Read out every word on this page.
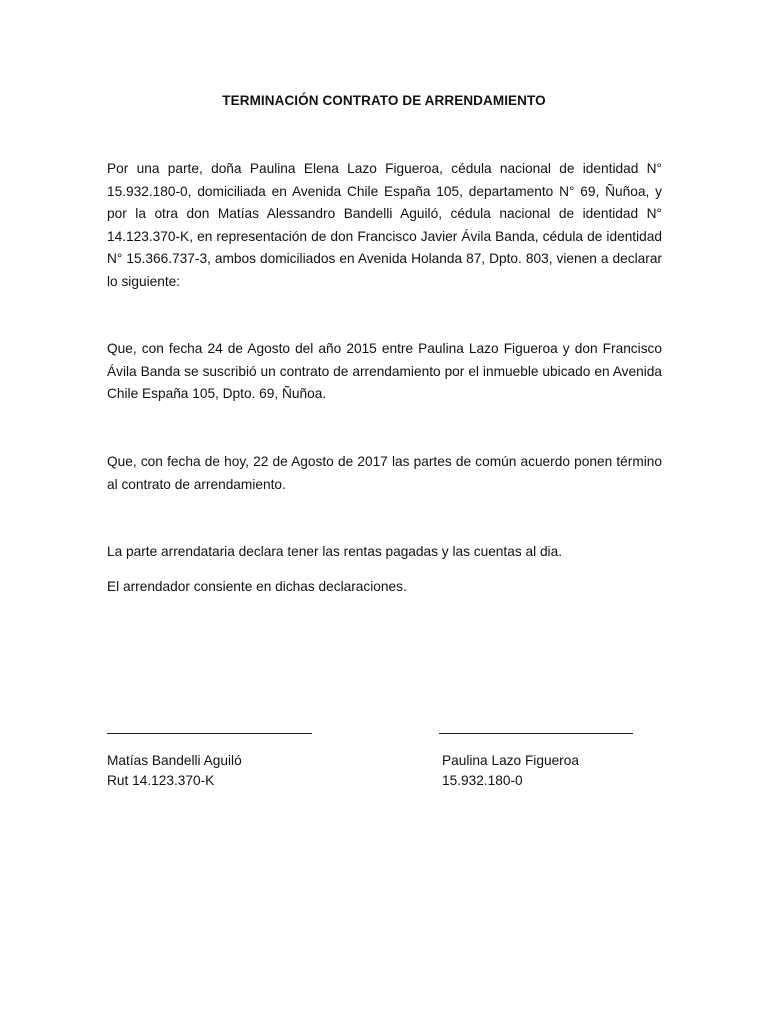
TERMINACIÓN CONTRATO DE ARRENDAMIENTO

Por una parte, doña Paulina Elena Lazo Figueroa, cédula nacional de identidad N° 15.932.180-0, domiciliada en Avenida Chile España 105, departamento N° 69, Ñuñoa, y por la otra don Matías Alessandro Bandelli Aguiló, cédula nacional de identidad N° 14.123.370-K, en representación de don Francisco Javier Ávila Banda, cédula de identidad N° 15.366.737-3, ambos domiciliados en Avenida Holanda 87, Dpto. 803, vienen a declarar lo siguiente:

Que, con fecha 24 de Agosto del año 2015 entre Paulina Lazo Figueroa y don Francisco Ávila Banda se suscribió un contrato de arrendamiento por el inmueble ubicado en Avenida Chile España 105, Dpto. 69, Ñuñoa.

Que, con fecha de hoy, 22 de Agosto de 2017 las partes de común acuerdo ponen término al contrato de arrendamiento.

La parte arrendataria declara tener las rentas pagadas y las cuentas al dia.

El arrendador consiente en dichas declaraciones.

Matías Bandelli Aguiló
Rut 14.123.370-K
Paulina Lazo Figueroa
15.932.180-0
